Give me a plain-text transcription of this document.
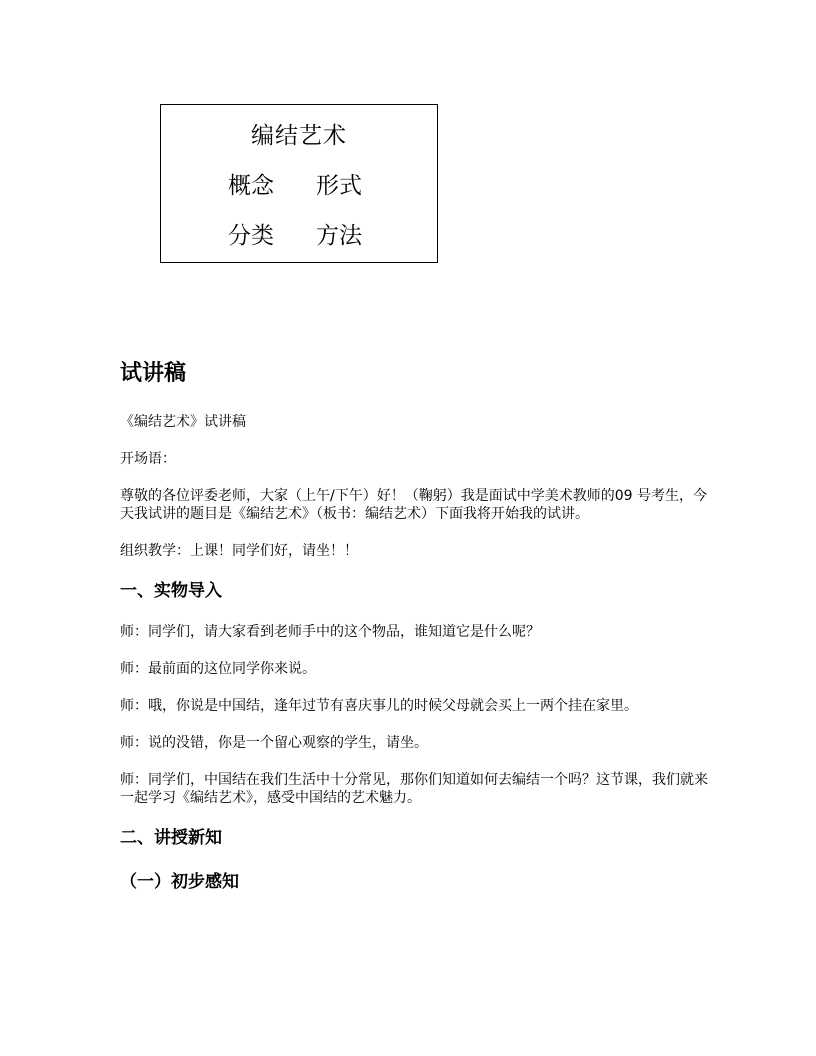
编结艺术
概念 形式
分类 方法
试讲稿

《编结艺术》试讲稿

开场语：

尊敬的各位评委老师，大家（上午/下午）好！（鞠躬）我是面试中学美术教师的09 号考生，今天我试讲的题目是《编结艺术》（板书：编结艺术）下面我将开始我的试讲。

组织教学：上课！同学们好，请坐！！

一、实物导入

师：同学们，请大家看到老师手中的这个物品，谁知道它是什么呢？

师：最前面的这位同学你来说。

师：哦，你说是中国结，逢年过节有喜庆事儿的时候父母就会买上一两个挂在家里。

师：说的没错，你是一个留心观察的学生，请坐。

师：同学们，中国结在我们生活中十分常见，那你们知道如何去编结一个吗？这节课，我们就来一起学习《编结艺术》，感受中国结的艺术魅力。

二、讲授新知
（一）初步感知
